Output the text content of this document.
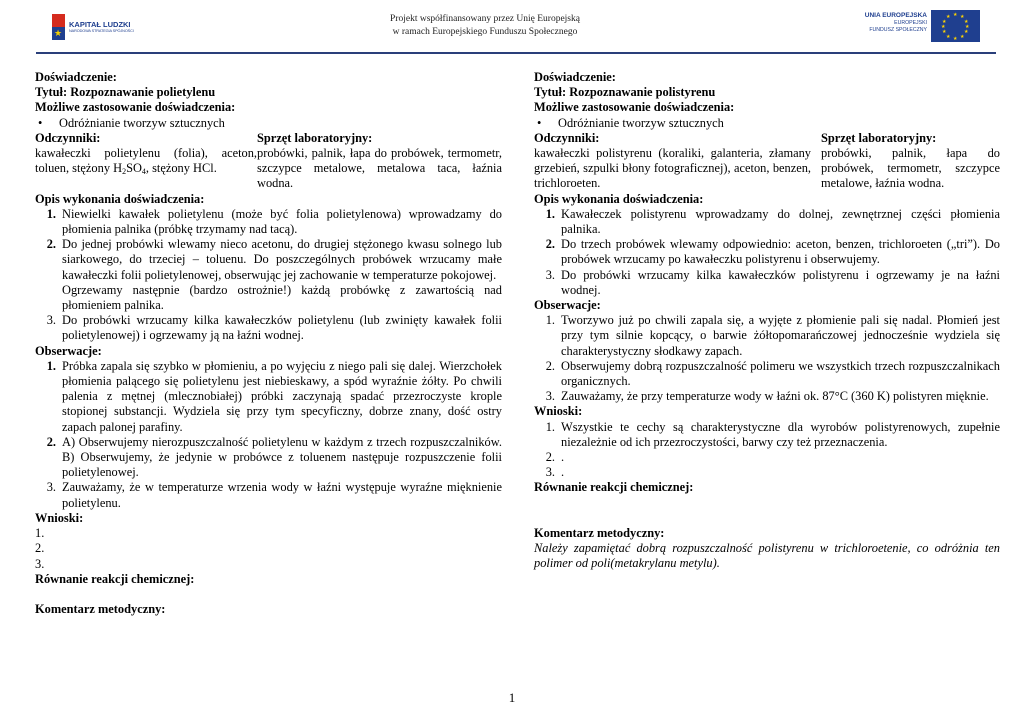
★
KAPITAŁ LUDZKI
NARODOWA STRATEGIA SPÓJNOŚCI
Projekt współfinansowany przez Unię Europejską
w ramach Europejskiego Funduszu Społecznego
UNIA EUROPEJSKA
EUROPEJSKI
FUNDUSZ SPOŁECZNY
★ ★
★
★
★
★
★
★
★
★
★
★
Doświadczenie:
Tytuł: Rozpoznawanie polietylenu
Możliwe zastosowanie doświadczenia:
•	Odróżnianie tworzyw sztucznych
Odczynniki:
kawałeczki polietylenu (folia), aceton, toluen, stężony $H_2SO_4$, stężony HCl.
Sprzęt laboratoryjny:
probówki, palnik, łapa do probówek, termometr, szczypce metalowe, metalowa taca, łaźnia wodna.
Opis wykonania doświadczenia:
1. Niewielki kawałek polietylenu (może być folia polietylenowa) wprowadzamy do płomienia palnika (próbkę trzymamy nad tacą).
2. Do jednej probówki wlewamy nieco acetonu, do drugiej stężonego kwasu solnego lub siarkowego, do trzeciej – toluenu. Do poszczególnych probówek wrzucamy małe kawałeczki folii polietylenowej, obserwując jej zachowanie w temperaturze pokojowej.
Ogrzewamy następnie (bardzo ostrożnie!) każdą probówkę z zawartością nad płomieniem palnika.
3. Do probówki wrzucamy kilka kawałeczków polietylenu (lub zwinięty kawałek folii polietylenowej) i ogrzewamy ją na łaźni wodnej.
Obserwacje:
1. Próbka zapala się szybko w płomieniu, a po wyjęciu z niego pali się dalej. Wierzchołek płomienia palącego się polietylenu jest niebieskawy, a spód wyraźnie żółty. Po chwili palenia z mętnej (mlecznobiałej) próbki zaczynają spadać przezroczyste krople stopionej substancji. Wydziela się przy tym specyficzny, dobrze znany, dość ostry zapach palonej parafiny.
2. A) Obserwujemy nierozpuszczalność polietylenu w każdym z trzech rozpuszczalników. B) Obserwujemy, że jedynie w probówce z toluenem następuje rozpuszczenie folii polietylenowej.
3. Zauważamy, że w temperaturze wrzenia wody w łaźni występuje wyraźne mięknienie polietylenu.
Wnioski:
1.
2.
3.
Równanie reakcji chemicznej:
Komentarz metodyczny:
Doświadczenie:
Tytuł: Rozpoznawanie polistyrenu
Możliwe zastosowanie doświadczenia:
•	Odróżnianie tworzyw sztucznych
Odczynniki:
kawałeczki polistyrenu (koraliki, galanteria, złamany grzebień, szpulki błony fotograficznej), aceton, benzen, trichloroeten.
Sprzęt laboratoryjny:
probówki, palnik, łapa do probówek, termometr, szczypce metalowe, łaźnia wodna.
Opis wykonania doświadczenia:
1. Kawałeczek polistyrenu wprowadzamy do dolnej, zewnętrznej części płomienia palnika.
2. Do trzech probówek wlewamy odpowiednio: aceton, benzen, trichloroeten („tri”). Do probówek wrzucamy po kawałeczku polistyrenu i obserwujemy.
3. Do probówki wrzucamy kilka kawałeczków polistyrenu i ogrzewamy je na łaźni wodnej.
Obserwacje:
1. Tworzywo już po chwili zapala się, a wyjęte z płomienie pali się nadal. Płomień jest przy tym silnie kopcący, o barwie żółtopomarańczowej jednocześnie wydziela się charakterystyczny słodkawy zapach.
2. Obserwujemy dobrą rozpuszczalność polimeru we wszystkich trzech rozpuszczalnikach organicznych.
3. Zauważamy, że przy temperaturze wody w łaźni ok. 87°C (360 K) polistyren mięknie.
Wnioski:
1. Wszystkie te cechy są charakterystyczne dla wyrobów polistyrenowych, zupełnie niezależnie od ich przezroczystości, barwy czy też przeznaczenia.
2. .
3. .
Równanie reakcji chemicznej:
Komentarz metodyczny:
Należy zapamiętać dobrą rozpuszczalność polistyrenu w trichloroetenie, co odróżnia ten polimer od poli(metakrylanu metylu).
1
